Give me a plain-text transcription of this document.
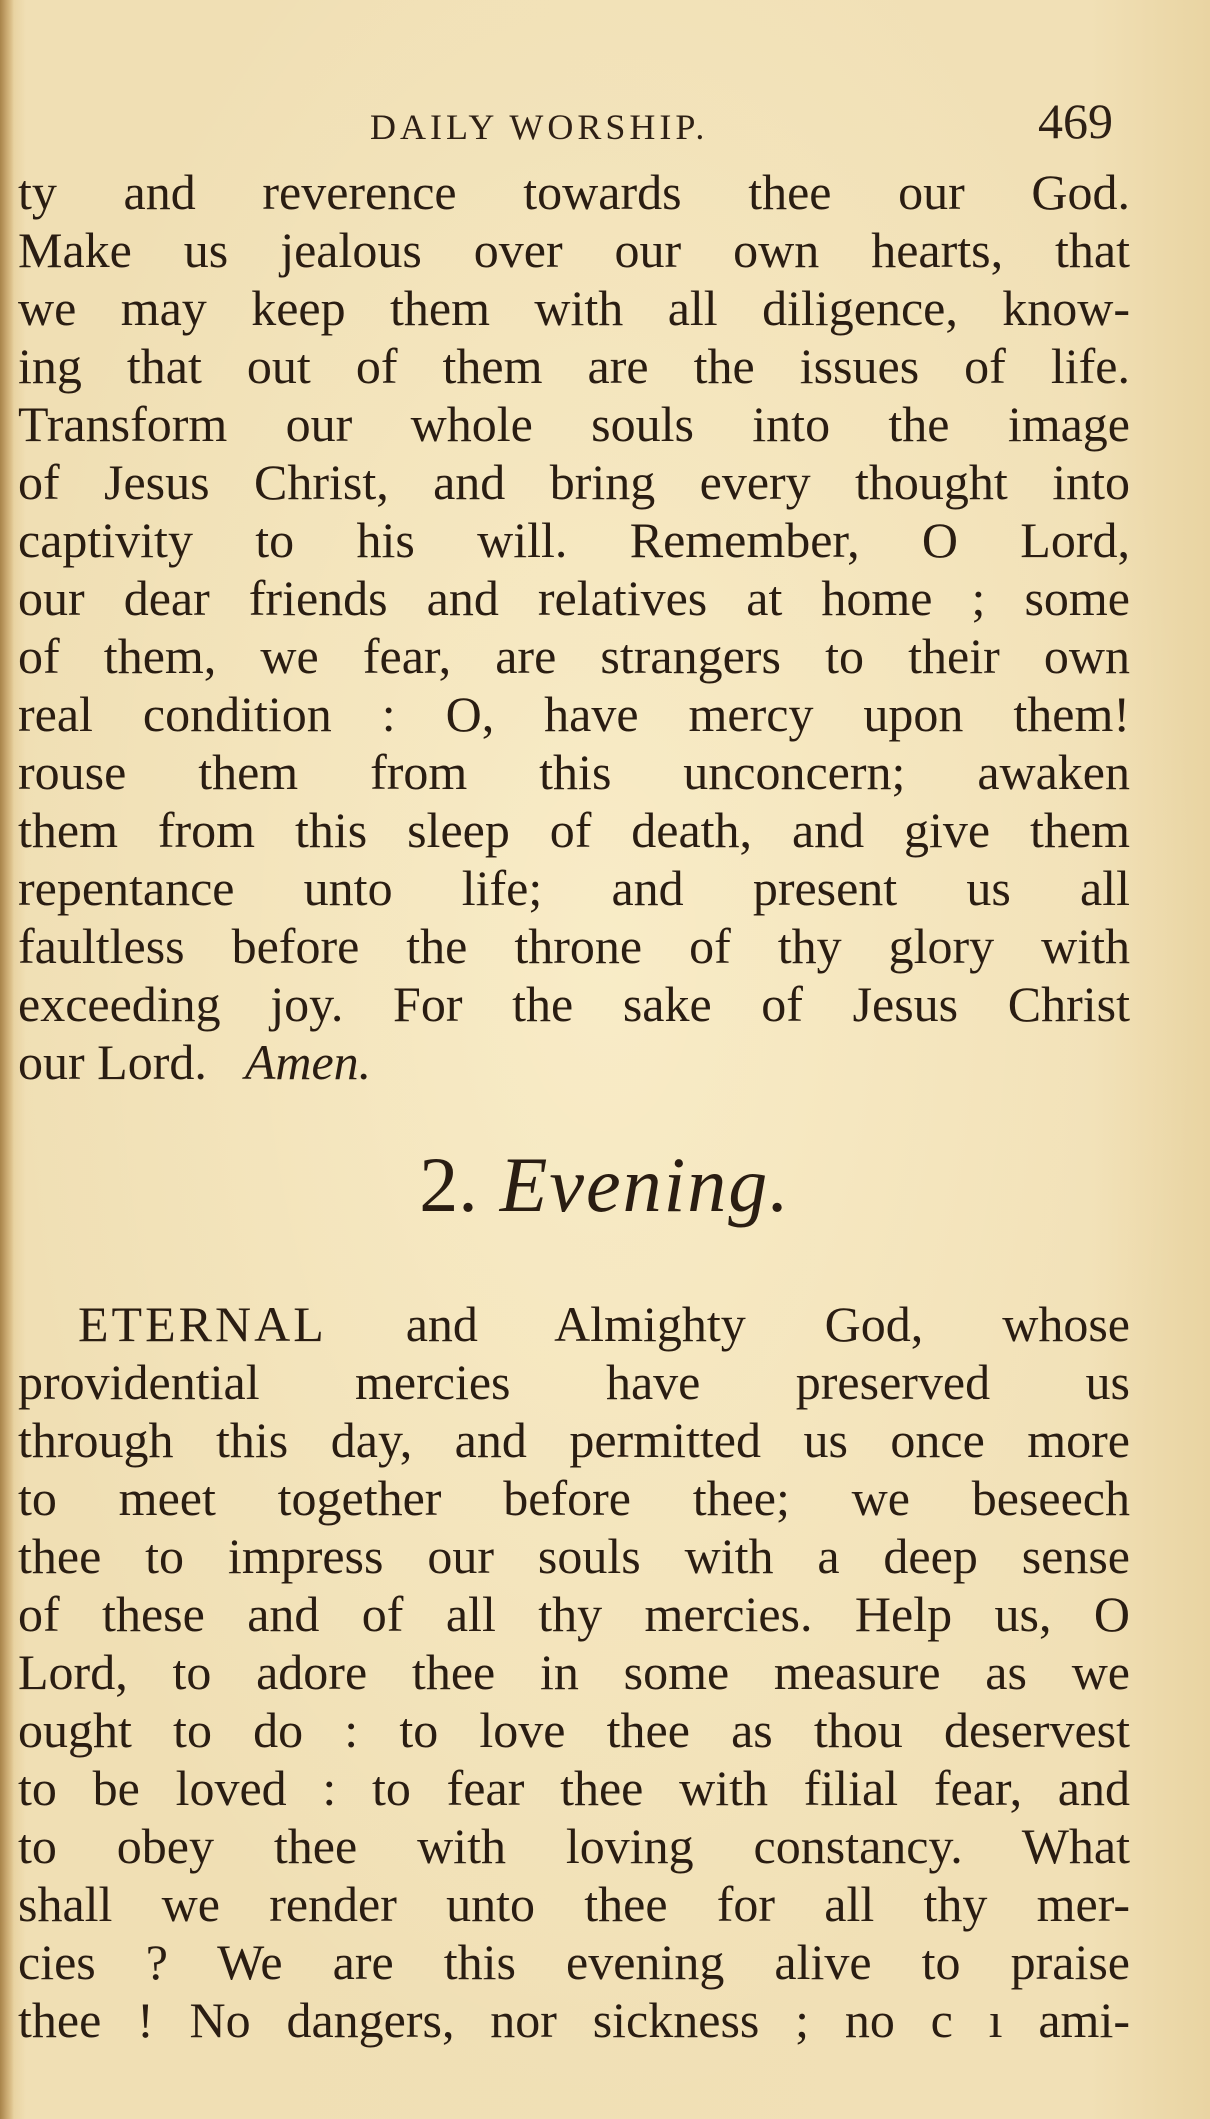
DAILY WORSHIP.	469
ty and reverence towards thee our God.
Make us jealous over our own hearts, that
we may keep them with all diligence, know-
ing that out of them are the issues of life.
Transform our whole souls into the image
of Jesus Christ, and bring every thought into
captivity to his will. Remember, O Lord,
our dear friends and relatives at home ; some
of them, we fear, are strangers to their own
real condition : O, have mercy upon them!
rouse them from this unconcern; awaken
them from this sleep of death, and give them
repentance unto life; and present us all
faultless before the throne of thy glory with
exceeding joy. For the sake of Jesus Christ
our Lord. Amen.
2. Evening.
ETERNAL and Almighty God, whose
providential mercies have preserved us
through this day, and permitted us once more
to meet together before thee; we beseech
thee to impress our souls with a deep sense
of these and of all thy mercies. Help us, O
Lord, to adore thee in some measure as we
ought to do : to love thee as thou deservest
to be loved : to fear thee with filial fear, and
to obey thee with loving constancy. What
shall we render unto thee for all thy mer-
cies ? We are this evening alive to praise
thee ! No dangers, nor sickness ; no c ı ami-
